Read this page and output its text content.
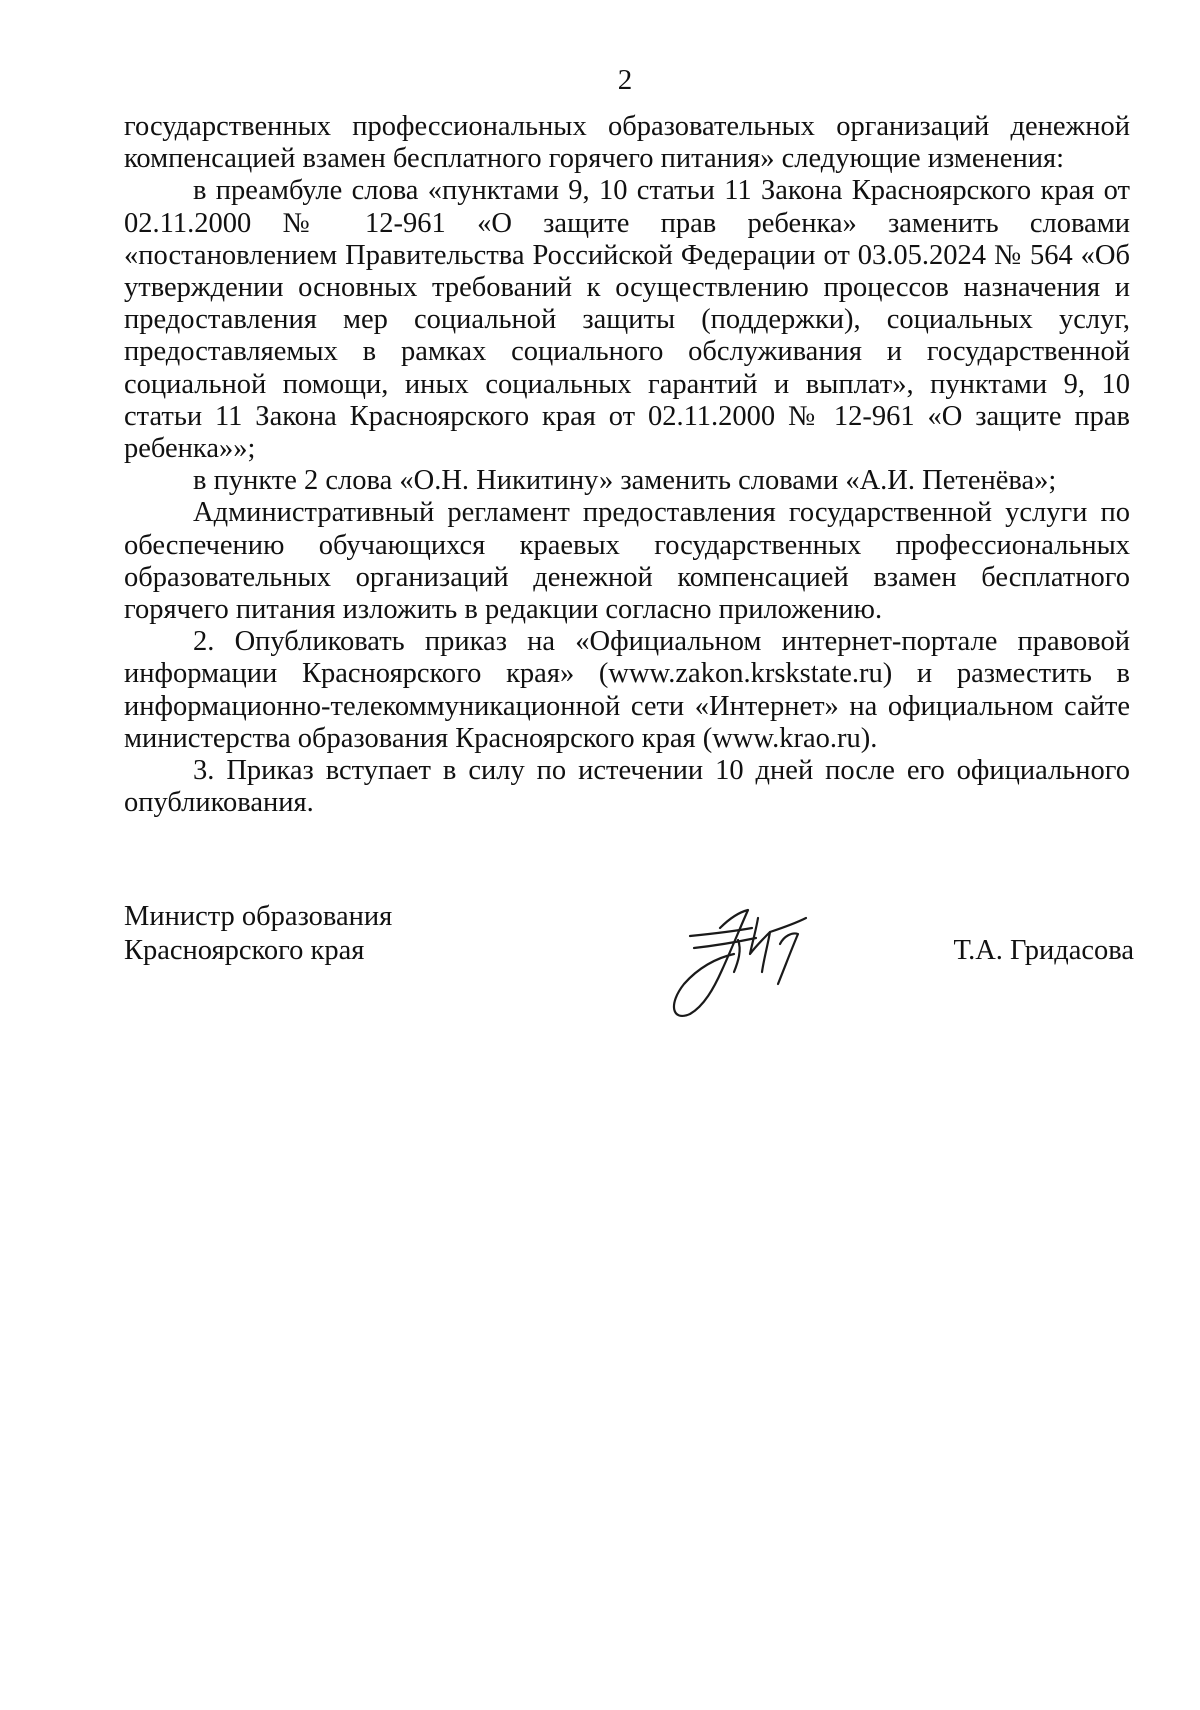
2

государственных профессиональных образовательных организаций денежной компенсацией взамен бесплатного горячего питания» следующие изменения:

в преамбуле слова «пунктами 9, 10 статьи 11 Закона Красноярского края от 02.11.2000 № 12-961 «О защите прав ребенка» заменить словами «постановлением Правительства Российской Федерации от 03.05.2024 № 564 «Об утверждении основных требований к осуществлению процессов назначения и предоставления мер социальной защиты (поддержки), социальных услуг, предоставляемых в рамках социального обслуживания и государственной социальной помощи, иных социальных гарантий и выплат», пунктами 9, 10 статьи 11 Закона Красноярского края от 02.11.2000 № 12-961 «О защите прав ребенка»»;

в пункте 2 слова «О.Н. Никитину» заменить словами «А.И. Петенёва»;

Административный регламент предоставления государственной услуги по обеспечению обучающихся краевых государственных профессиональных образовательных организаций денежной компенсацией взамен бесплатного горячего питания изложить в редакции согласно приложению.

2. Опубликовать приказ на «Официальном интернет-портале правовой информации Красноярского края» (www.zakon.krskstate.ru) и разместить в информационно-телекоммуникационной сети «Интернет» на официальном сайте министерства образования Красноярского края (www.krao.ru).

3. Приказ вступает в силу по истечении 10 дней после его официального опубликования.

Министр образования
Красноярского края	Т.А. Гридасова
